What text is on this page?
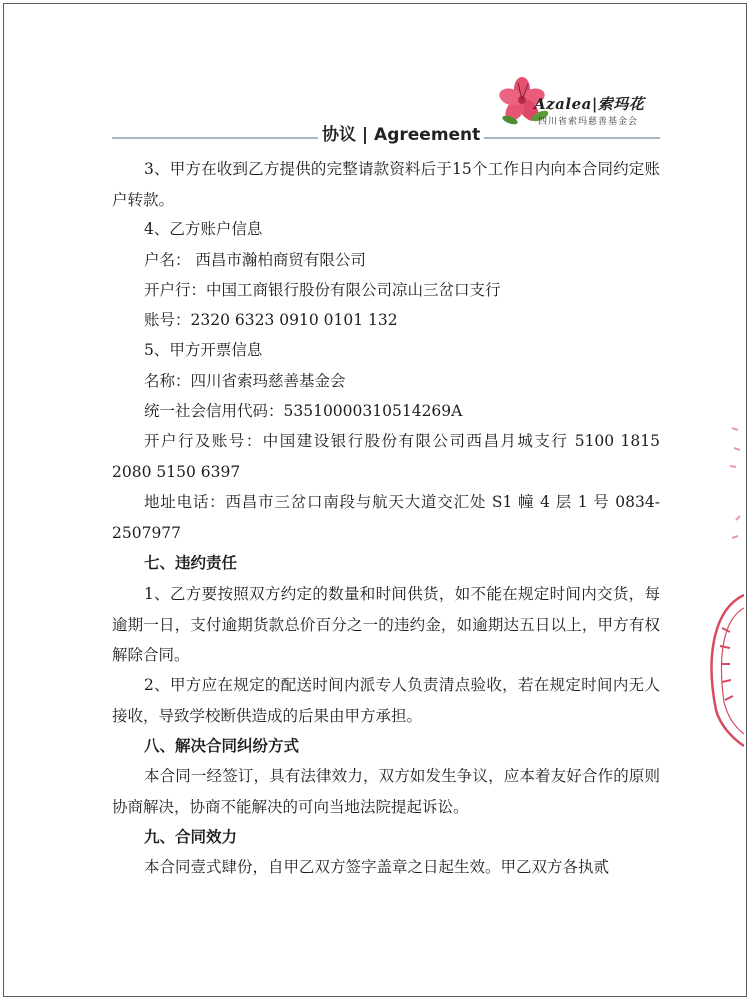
Azalea|索玛花
四川省索玛慈善基金会
协议 | Agreement
3、甲方在收到乙方提供的完整请款资料后于15个工作日内向本合同约定账户转款。
4、乙方账户信息
户名： 西昌市瀚柏商贸有限公司
开户行：中国工商银行股份有限公司凉山三岔口支行
账号：2320 6323 0910 0101 132
5、甲方开票信息
名称：四川省索玛慈善基金会
统一社会信用代码：53510000310514269A
开户行及账号：中国建设银行股份有限公司西昌月城支行 5100 1815 2080 5150 6397
地址电话：西昌市三岔口南段与航天大道交汇处 S1 幢 4 层 1 号 0834-2507977
七、违约责任
1、乙方要按照双方约定的数量和时间供货，如不能在规定时间内交货，每逾期一日，支付逾期货款总价百分之一的违约金，如逾期达五日以上，甲方有权解除合同。
2、甲方应在规定的配送时间内派专人负责清点验收，若在规定时间内无人接收，导致学校断供造成的后果由甲方承担。
八、解决合同纠纷方式
本合同一经签订，具有法律效力，双方如发生争议，应本着友好合作的原则协商解决，协商不能解决的可向当地法院提起诉讼。
九、合同效力
本合同壹式肆份，自甲乙双方签字盖章之日起生效。甲乙双方各执贰
